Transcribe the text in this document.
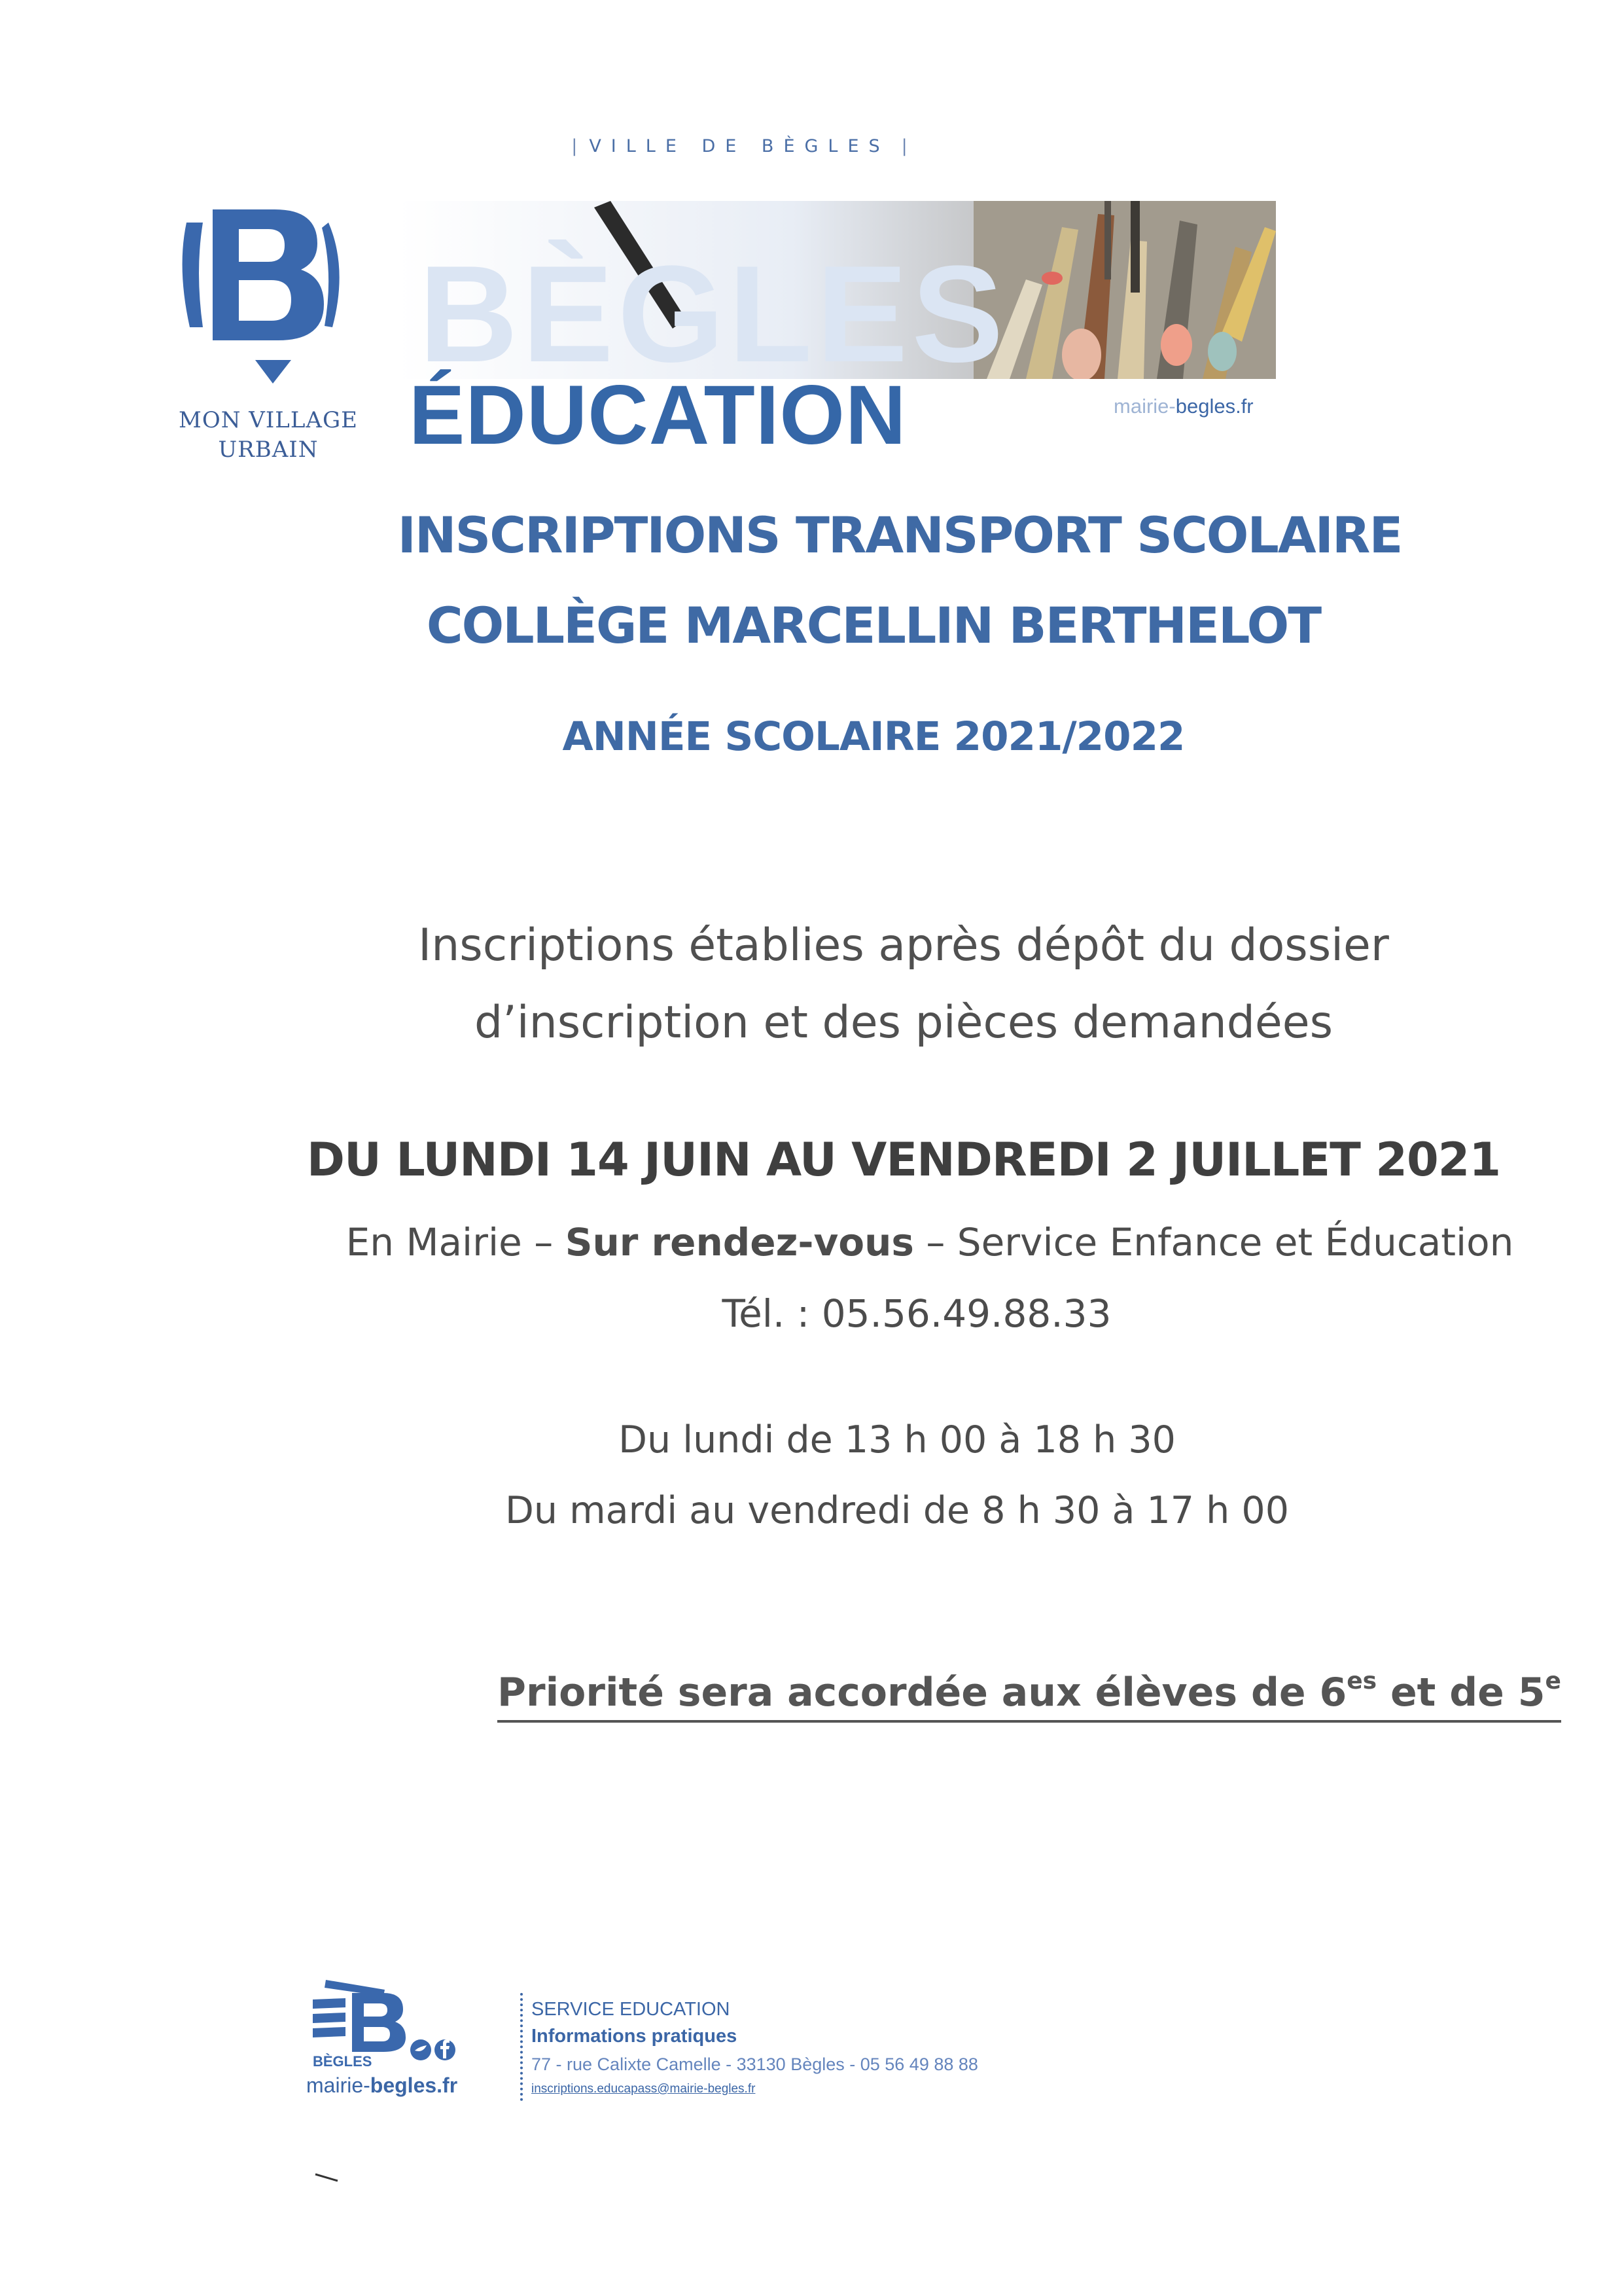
| VILLE DE BÈGLES |
MON VILLAGE
URBAIN
BÈGLES
ÉDUCATION	mairie-begles.fr
INSCRIPTIONS TRANSPORT SCOLAIRE
COLLÈGE MARCELLIN BERTHELOT
ANNÉE SCOLAIRE 2021/2022
Inscriptions établies après dépôt du dossier
d’inscription et des pièces demandées
DU LUNDI 14 JUIN AU VENDREDI 2 JUILLET 2021
En Mairie – Sur rendez-vous – Service Enfance et Éducation
Tél. : 05.56.49.88.33
Du lundi de 13 h 00 à 18 h 30
Du mardi au vendredi de 8 h 30 à 17 h 00
Priorité sera accordée aux élèves de $6^{es}$ et de 5e
BÈGLES
mairie-begles.fr
SERVICE EDUCATION
Informations pratiques
77 - rue Calixte Camelle - 33130 Bègles - 05 56 49 88 88
inscriptions.educapass@mairie-begles.fr
